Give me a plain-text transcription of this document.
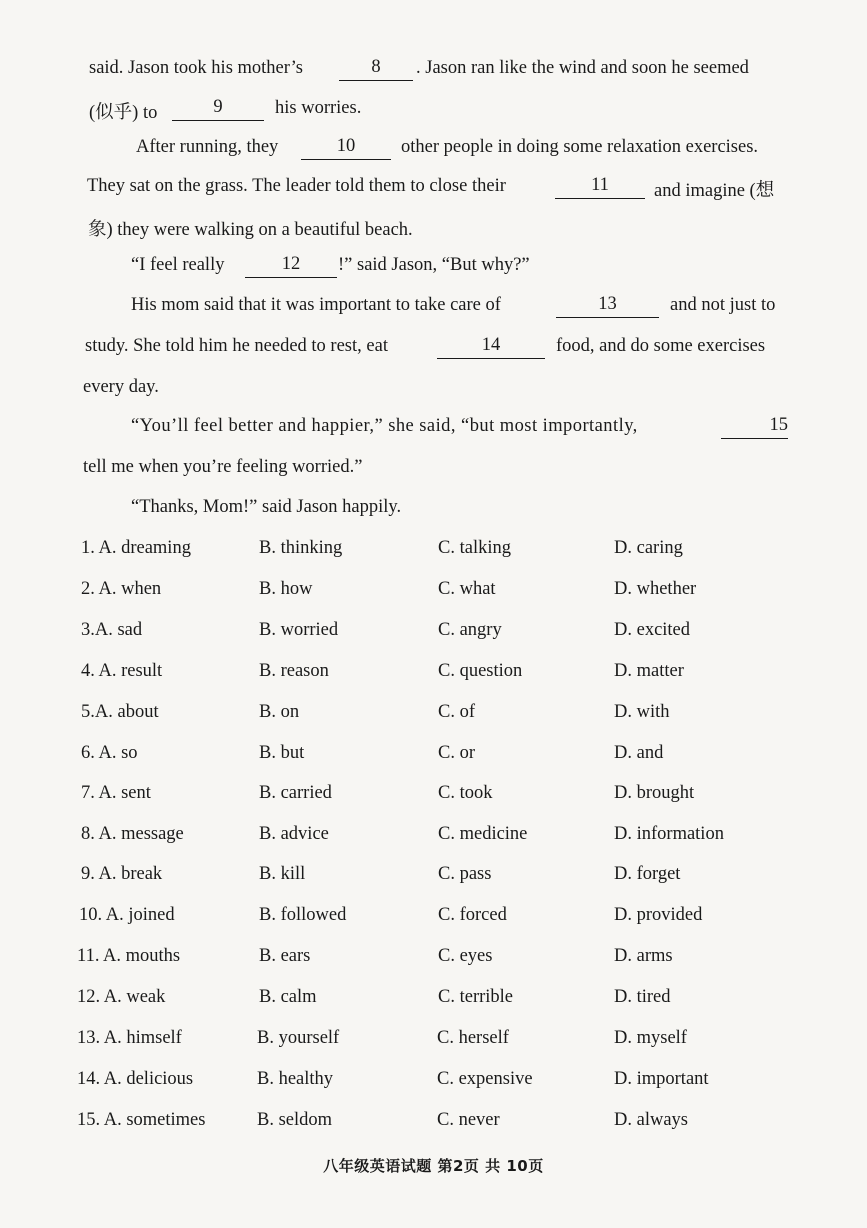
said. Jason took his mother’s	8	. Jason ran like the wind and soon he seemed
(似乎) to	9	his worries.
After running, they	10	other people in doing some relaxation exercises.
They sat on the grass. The leader told them to close their	11	and imagine (想
象) they were walking on a beautiful beach.
“I feel really	12	!” said Jason, “But why?”
His mom said that it was important to take care of	13	and not just to
study. She told him he needed to rest, eat	14	food, and do some exercises
every day.
“You’ll feel better and happier,” she said, “but most importantly,	15
tell me when you’re feeling worried.”
“Thanks, Mom!” said Jason happily.
1. A. dreaming	B. thinking	C. talking	D. caring
2. A. when	B. how	C. what	D. whether
3.A. sad	B. worried	C. angry	D. excited
4. A. result	B. reason	C. question	D. matter
5.A. about	B. on	C. of	D. with
6. A. so	B. but	C. or	D. and
7. A. sent	B. carried	C. took	D. brought
8. A. message	B. advice	C. medicine	D. information
9. A. break	B. kill	C. pass	D. forget
10. A. joined	B. followed	C. forced	D. provided
11. A. mouths	B. ears	C. eyes	D. arms
12. A. weak	B. calm	C. terrible	D. tired
13. A. himself	B. yourself	C. herself	D. myself
14. A. delicious	B. healthy	C. expensive	D. important
15. A. sometimes	B. seldom	C. never	D. always
八年级英语试题 第2页 共 10页
